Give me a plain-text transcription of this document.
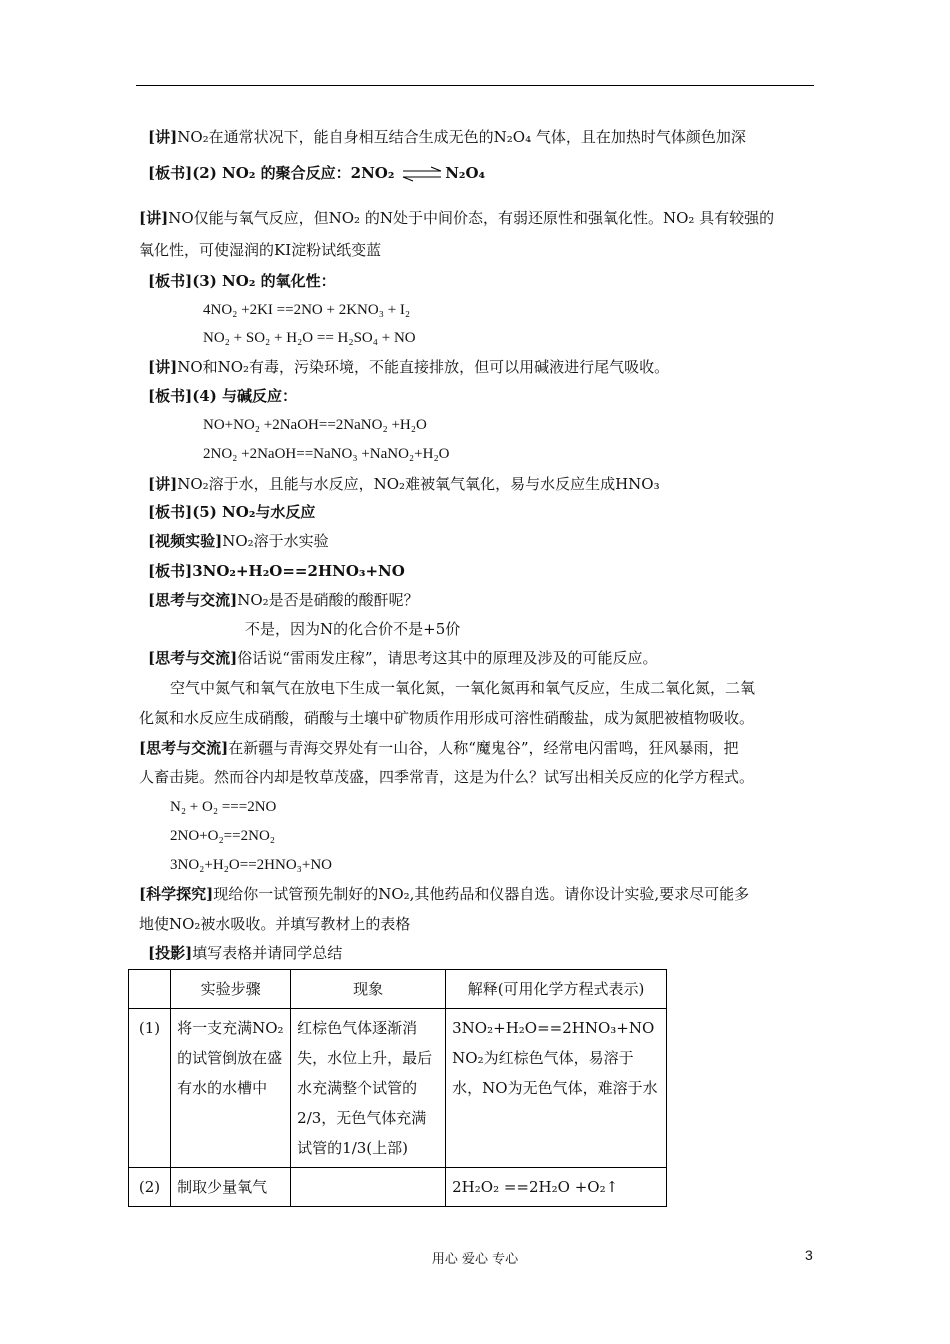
[讲]NO₂在通常状况下，能自身相互结合生成无色的N₂O₄ 气体，且在加热时气体颜色加深
[板书](2) NO₂ 的聚合反应：2NO₂ ⇌ N₂O₄
[讲]NO仅能与氧气反应，但NO₂ 的N处于中间价态，有弱还原性和强氧化性。NO₂ 具有较强的
氧化性，可使湿润的KI淀粉试纸变蓝
[板书](3) NO₂ 的氧化性：
4NO₂ +2KI ==2NO + 2KNO₃ + I₂
NO₂ + SO₂ + H₂O == H₂SO₄ + NO
[讲]NO和NO₂有毒，污染环境，不能直接排放，但可以用碱液进行尾气吸收。
[板书](4) 与碱反应：
NO+NO₂ +2NaOH==2NaNO₂ +H₂O
2NO₂ +2NaOH==NaNO₃ +NaNO₂+H₂O
[讲]NO₂溶于水，且能与水反应，NO₂难被氧气氧化，易与水反应生成HNO₃
[板书](5) NO₂与水反应
[视频实验]NO₂溶于水实验
[板书]3NO₂+H₂O==2HNO₃+NO
[思考与交流]NO₂是否是硝酸的酸酐呢？
不是，因为N的化合价不是+5价
[思考与交流]俗话说“雷雨发庄稼”，请思考这其中的原理及涉及的可能反应。
空气中氮气和氧气在放电下生成一氧化氮，一氧化氮再和氧气反应，生成二氧化氮，二氧
化氮和水反应生成硝酸，硝酸与土壤中矿物质作用形成可溶性硝酸盐，成为氮肥被植物吸收。
[思考与交流]在新疆与青海交界处有一山谷，人称“魔鬼谷”，经常电闪雷鸣，狂风暴雨，把
人畜击毙。然而谷内却是牧草茂盛，四季常青，这是为什么？试写出相关反应的化学方程式。
N₂ + O₂ ===2NO
2NO+O₂==2NO₂
3NO₂+H₂O==2HNO₃+NO
[科学探究]现给你一试管预先制好的NO₂,其他药品和仪器自选。请你设计实验,要求尽可能多
地使NO₂被水吸收。并填写教材上的表格
[投影]填写表格并请同学总结
	实验步骤	现象	解释(可用化学方程式表示)
(1)	将一支充满NO₂的试管倒放在盛有水的水槽中	红棕色气体逐渐消失，水位上升，最后水充满整个试管的2/3，无色气体充满试管的1/3(上部)	3NO₂+H₂O==2HNO₃+NO NO₂为红棕色气体，易溶于水，NO为无色气体，难溶于水
(2)	制取少量氧气		2H₂O₂ ==2H₂O +O₂↑
用心 爱心 专心	3
